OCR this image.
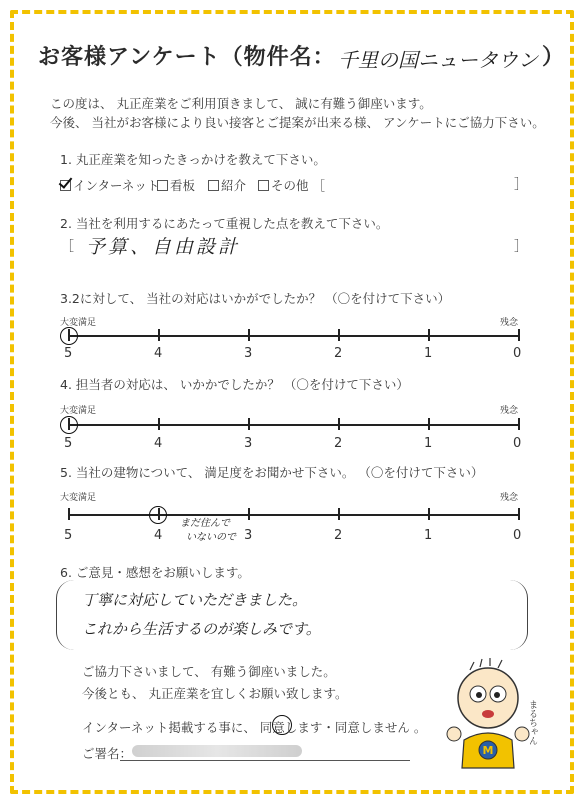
お客様アンケート（物件名： 千里の国ニュータウン ）
この度は、 丸正産業をご利用頂きまして、 誠に有難う御座います。
今後、 当社がお客様により良い接客とご提案が出来る様、 アンケートにご協力下さい。
1. 丸正産業を知ったきっかけを教えて下さい。
インターネット 看板	紹介	その他 ［	］
2. 当社を利用するにあたって重視した点を教えて下さい。
［ 予算、自由設計	］
3.2に対して、 当社の対応はいかがでしたか？ （〇を付けて下さい）
大変満足	残念
5	4	3	2	1	0
4. 担当者の対応は、 いかかでしたか？ （〇を付けて下さい）
大変満足	残念
5	4	3	2	1	0
5. 当社の建物について、 満足度をお聞かせ下さい。 （〇を付けて下さい）
大変満足	残念
まだ住んで
いないので
5	4	3	2	1	0
6. ご意見・感想をお願いします。
丁寧に対応していただきました。
これから生活するのが楽しみです。
ご協力下さいまして、 有難う御座いました。
今後とも、 丸正産業を宜しくお願い致します。
インターネット掲載する事に、 同意します・同意しません 。
ご署名：	M
まるちゃん
